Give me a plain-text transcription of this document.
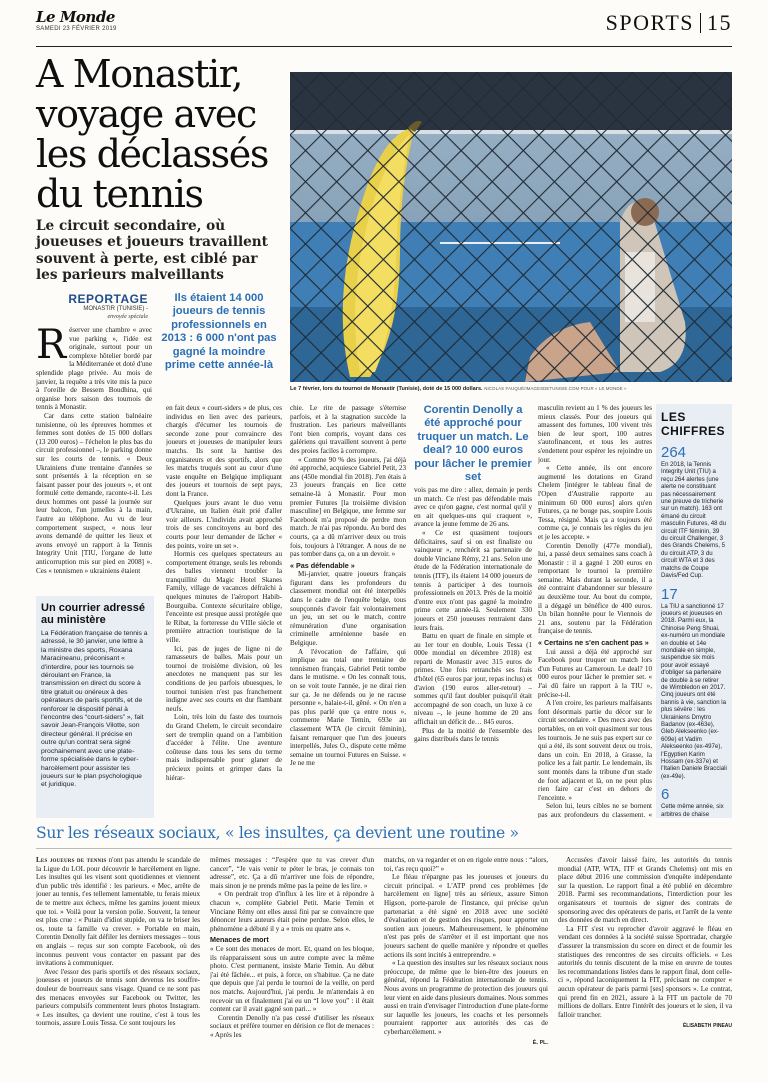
Le Monde
SAMEDI 23 FÉVRIER 2019	SPORTS 15
A Monastir, voyage avec les déclassés du tennis
Le circuit secondaire, où joueuses et joueurs travaillent souvent à perte, est ciblé par les parieurs malveillants
Le 7 février, lors du tournoi de Monastir (Tunisie), doté de 15 000 dollars. NICOLAS FAUQUÉ/IMAGESDETUNISIE.COM POUR « LE MONDE »
REPORTAGE
MONASTIR (TUNISIE) -
envoyée spéciale
Ils étaient 14 000 joueurs de tennis professionnels en 2013 : 6 000 n'ont pas gagné la moindre prime cette année-là
R éserver une chambre « avec vue parking », l'idée est originale, surtout pour un complexe hôtelier bordé par la Méditerranée et doté d'une splendide plage privée. Au mois de janvier, la requête a très vite mis la puce à l'oreille de Bessem Boudhina, qui organise hors saison des tournois de tennis à Monastir.

Car dans cette station balnéaire tunisienne, où les épreuves hommes et femmes sont dotées de 15 000 dollars (13 200 euros) – l'échelon le plus bas du circuit professionnel –, le parking donne sur les courts de tennis. « Deux Ukrainiens d'une trentaine d'années se sont présentés à la réception en se faisant passer pour des joueurs », et ont formulé cette demande, raconte-t-il. Les deux hommes ont passé la journée sur leur balcon, l'un jumelles à la main, l'autre au téléphone. Au vu de leur comportement suspect, « nous leur avons demandé de quitter les lieux et avons envoyé un rapport à la Tennis Integrity Unit [TIU, l'organe de lutte anticorruption mis sur pied en 2008] ». Ces « tennismen » ukrainiens étaient

Un courrier adressé au ministère
La Fédération française de tennis a adressé, le 30 janvier, une lettre à la ministre des sports, Roxana Maracineanu, préconisant « d'interdire, pour les tournois se déroulant en France, la transmission en direct du score à titre gratuit ou onéreux à des opérateurs de paris sportifs, et de renforcer le dispositif pénal à l'encontre des “court-siders” », fait savoir Jean-François Vilotte, son directeur général. Il précise en outre qu'un contrat sera signé prochainement avec une plate-forme spécialisée dans le cyber-harcèlement pour assister les joueurs sur le plan psychologique et juridique.

en fait deux « court-siders » de plus, ces individus en lien avec des parieurs, chargés d'écumer les tournois de seconde zone pour convaincre des joueurs et joueuses de manipuler leurs matchs. Ils sont la hantise des organisateurs et des sportifs, alors que les matchs truqués sont au cœur d'une vaste enquête en Belgique impliquant des joueurs et tournois de sept pays, dont la France.

Quelques jours avant le duo venu d'Ukraine, un Italien était prié d'aller voir ailleurs. L'individu avait approché trois de ses concitoyens au bord des courts pour leur demander de lâcher « des points, voire un set ».

Hormis ces quelques spectateurs au comportement étrange, seuls les rebonds des balles viennent troubler la tranquillité du Magic Hotel Skanes Family, village de vacances défraîchi à quelques minutes de l'aéroport Habib-Bourguiba. Contexte sécuritaire oblige, l'enceinte est presque aussi protégée que le Ribat, la forteresse du VIIIe siècle et première attraction touristique de la ville.

Ici, pas de juges de ligne ni de ramasseurs de balles. Mais pour un tournoi de troisième division, où les anecdotes ne manquent pas sur les conditions de jeu parfois ubuesques, le tournoi tunisien n'est pas franchement indigne avec ses courts en dur flambant neufs.

Loin, très loin du faste des tournois du Grand Chelem, le circuit secondaire sert de tremplin quand on a l'ambition d'accéder à l'élite. Une aventure coûteuse dans tous les sens du terme mais indispensable pour glaner de précieux points et grimper dans la hiérar-

chie. Le rite de passage s'éternise parfois, et à la stagnation succède la frustration. Les parieurs malveillants l'ont bien compris, voyant dans ces galériens qui travaillent souvent à perte des proies faciles à corrompre.

« Comme 90 % des joueurs, j'ai déjà été approché, acquiesce Gabriel Petit, 23 ans (450e mondial fin 2018). J'en étais à 23 joueurs français en lice cette semaine-là à Monastir. Pour mon premier Futures [la troisième division masculine] en Belgique, une femme sur Facebook m'a proposé de perdre mon match. Je n'ai pas répondu. Au bord des courts, ça a dû m'arriver deux ou trois fois, toujours à l'étranger. A nous de ne pas tomber dans ça, on a un devoir. »

« Pas défendable »

Mi-janvier, quatre joueurs français figurant dans les profondeurs du classement mondial ont été interpellés dans le cadre de l'enquête belge, tous soupçonnés d'avoir fait volontairement un jeu, un set ou le match, contre rémunération d'une organisation criminelle arménienne basée en Belgique.

A l'évocation de l'affaire, qui implique au total une trentaine de tennismen français, Gabriel Petit tombe dans le mutisme. « On les connaît tous, on se voit toute l'année, je ne dirai rien sur ça. Je ne défends ou je ne racuse personne », balaie-t-il, gêné. « On n'en a pas plus parlé que ça entre nous », commente Marie Temin, 693e au classement WTA (le circuit féminin), faisant remarquer que l'un des joueurs interpellés, Jules O., dispute cette même semaine un tournoi Futures en Suisse. « Je ne me

Corentin Denolly a été approché pour truquer un match. Le deal? 10 000 euros pour lâcher le premier set

vois pas me dire : allez, demain je perds un match. Ce n'est pas défendable mais avec ce qu'on gagne, c'est normal qu'il y en ait quelques-uns qui craquent », avance la jeune femme de 26 ans.

« Ce est quasiment toujours déficitaires, sauf si on est finaliste ou vainqueur », renchérit sa partenaire de double Vinciane Rémy, 21 ans. Selon une étude de la Fédération internationale de tennis (ITF), ils étaient 14 000 joueurs de tennis à participer à des tournois professionnels en 2013. Près de la moitié d'entre eux n'ont pas gagné la moindre prime cette année-là. Seulement 330 joueurs et 250 joueuses rentraient dans leurs frais.

Battu en quart de finale en simple et au 1er tour en double, Louis Tessa (1 000e mondial en décembre 2018) est reparti de Monastir avec 315 euros de primes. Une fois retranchés ses frais d'hôtel (65 euros par jour, repas inclus) et d'avion (190 euros aller-retour) – sommes qu'il faut doubler puisqu'il était accompagné de son coach, un luxe à ce niveau –, le jeune homme de 20 ans affichait un déficit de… 845 euros.

Plus de la moitié de l'ensemble des gains distribués dans le tennis

masculin revient au 1 % des joueurs les mieux classés. Pour des joueurs qui amassent des fortunes, 100 vivent très bien de leur sport, 100 autres s'autofinancent, et tous les autres s'endettent pour espérer les rejoindre un jour.

« Cette année, ils ont encore augmenté les dotations en Grand Chelem [intégrer le tableau final de l'Open d'Australie rapporte au minimum 60 000 euros] alors qu'en Futures, ça ne bouge pas, soupire Louis Tessa, résigné. Mais ça a toujours été comme ça, je connais les règles du jeu et je les accepte. »

Corentin Denolly (477e mondial), lui, a passé deux semaines sans coach à Monastir : il a gagné 1 200 euros en remportant le tournoi la première semaine. Mais durant la seconde, il a été contraint d'abandonner sur blessure au deuxième tour. Au bout du compte, il a dégagé un bénéfice de 400 euros. Un bilan honnête pour le Viennois de 21 ans, soutenu par la Fédération française de tennis.

« Certains ne s'en cachent pas »

Lui aussi a déjà été approché sur Facebook pour truquer un match lors d'un Futures au Cameroun. Le deal? 10 000 euros pour lâcher le premier set. « J'ai dû faire un rapport à la TIU », précise-t-il.

A l'en croire, les parieurs malfaisants font désormais partie du décor sur le circuit secondaire. « Des mecs avec des portables, on en voit quasiment sur tous les tournois. Je ne suis pas expert sur ce qui a été, ils sont souvent deux ou trois, dans un coin. En 2018, à Grasse, la police les a fait partir. Le lendemain, ils sont montés dans la tribune d'un stade de foot adjacent et là, on ne peut plus rien faire car c'est en dehors de l'enceinte. »

Selon lui, leurs cibles ne se bornent pas aux profondeurs du classement. «

LES CHIFFRES
264
En 2018, la Tennis Integrity Unit (TIU) a reçu 264 alertes (une alerte ne constituant pas nécessairement une preuve de tricherie sur un match). 163 ont émané du circuit masculin Futures, 48 du circuit ITF féminin, 39 du circuit Challenger, 3 des Grands Chelems, 5 du circuit ATP, 3 du circuit WTA et 3 des matchs de Coupe Davis/Fed Cup.
17
La TIU a sanctionné 17 joueurs et joueuses en 2018. Parmi eux, la Chinoise Peng Shuai, ex-numéro un mondiale en double et 14e mondiale en simple, suspendue six mois pour avoir essayé d'obliger sa partenaire de double à se retirer de Wimbledon en 2017. Cinq joueurs ont été bannis à vie, sanction la plus sévère : les Ukrainiens Dmytro Badanov (ex-463e), Gleb Alekseenko (ex-609e) et Vadim Alekseenko (ex-497e), l'Egyptien Karim Hossam (ex-337e) et l'Italien Daniele Bracciali (ex-49e).
6
Cette même année, six arbitres de chaise
Sur les réseaux sociaux, « les insultes, ça devient une routine »

Les joueurs de tennis n'ont pas attendu le scandale de la Ligue du LOL pour découvrir le harcèlement en ligne. Les insultes qui les visent sont quotidiennes et viennent d'un public très identifié : les parieurs. « Mec, arrête de jouer au tennis, t'es tellement lamentable, tu ferais mieux de te mettre aux échecs, même les gamins jouent mieux que toi. » Voilà pour la version polie. Souvent, la teneur est plus crue : « Putain d'idiot stupide, on va te briser les os, toute ta famille va crever. » Portable en main, Corentin Denolly fait défiler les derniers messages – tous en anglais – reçus sur son compte Facebook, où des inconnus peuvent vous contacter en passant par des invitations à communiquer.

Avec l'essor des paris sportifs et des réseaux sociaux, joueuses et joueurs de tennis sont devenus les souffre-douleur de bourreaux sans visage. Quand ce ne sont pas des menaces envoyées sur Facebook ou Twitter, les parieurs compulsifs commentent leurs photos Instagram. « Les insultes, ça devient une routine, c'est à tous les tournois, assure Louis Tessa. Ce sont toujours les

mêmes messages : “J'espère que tu vas crever d'un cancer”, “Je vais venir te péter le bras, je connais ton adresse”, etc. Ça a dû m'arriver une fois de répondre, mais sinon je ne prends même pas la peine de les lire. »

« On perdrait trop d'influx à les lire et à répondre à chacun », complète Gabriel Petit. Marie Temin et Vinciane Rémy ont elles aussi fini par se convaincre que dénoncer leurs auteurs était peine perdue. Selon elles, le phénomène a débuté il y a « trois ou quatre ans ».

Menaces de mort

« Ce sont des menaces de mort. Et, quand on les bloque, ils réapparaissent sous un autre compte avec la même photo. C'est permanent, insiste Marie Temin. Au début j'ai été fâchée... et puis, à force, on s'habitue. Ça ne date que depuis que j'ai perdu le tournoi de la veille, on perd nos matchs. Aujourd'hui, j'ai perdu. Je m'attendais à en recevoir un et finalement j'ai eu un “I love you” : il était content car il avait gagné son pari... »

Corentin Denolly n'a pas cessé d'utiliser les réseaux sociaux et préfère tourner en dérision ce flot de menaces : « Après les

matchs, on va regarder et on en rigole entre nous : “alors, toi, t'as reçu quoi?” »

Le fléau n'épargne pas les joueuses et joueurs du circuit principal. « L'ATP prend ces problèmes [de harcèlement en ligne] très au sérieux, assure Simon Higson, porte-parole de l'instance, qui précise qu'un partenariat a été signé en 2018 avec une société d'évaluation et de gestion des risques, pour apporter un soutien aux joueurs. Malheureusement, le phénomène n'est pas près de s'arrêter et il est important que nos joueurs sachent de quelle manière y répondre et quelles actions ils sont incités à entreprendre. »

« La question des insultes sur les réseaux sociaux nous préoccupe, de même que le bien-être des joueurs en général, répond la Fédération internationale de tennis. Nous avons un programme de protection des joueurs qui leur vient en aide dans plusieurs domaines. Nous sommes aussi en train d'envisager l'introduction d'une plate-forme sur laquelle les joueurs, les coachs et les personnels pourraient rapporter aux autorités des cas de cyberharcèlement. »

é. pl.

Accusées d'avoir laissé faire, les autorités du tennis mondial (ATP, WTA, ITF et Grands Chelems) ont mis en place début 2016 une commission d'enquête indépendante sur la question. Le rapport final a été publié en décembre 2018. Parmi ses recommandations, l'interdiction pour les organisateurs et tournois de signer des contrats de sponsoring avec des opérateurs de paris, et l'arrêt de la vente des données de match en direct.

La FIT s'est vu reprocher d'avoir aggravé le fléau en vendant ces données à la société suisse Sportradar, chargée d'assurer la transmission du score en direct et de fournir les statistiques des rencontres de ses circuits officiels. « Les autorités du tennis discutent de la mise en œuvre de toutes les recommandations listées dans le rapport final, dont celle-ci », répond laconiquement la FIT, précisant ne compter « aucun opérateur de paris parmi [ses] sponsors ». Le contrat, qui prend fin en 2021, assure à la FIT un pactole de 70 millions de dollars. Entre l'intérêt des joueurs et le sien, il va falloir trancher.

élisabeth pineau
